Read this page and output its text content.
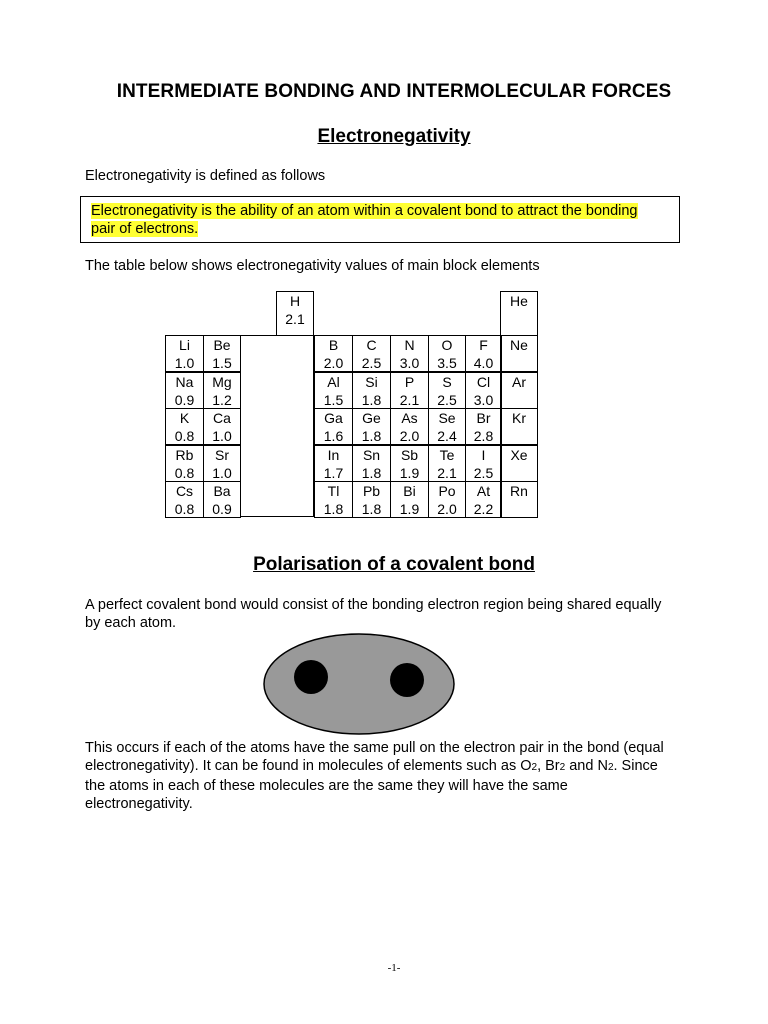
INTERMEDIATE BONDING AND INTERMOLECULAR FORCES
Electronegativity
Electronegativity is defined as follows
Electronegativity is the ability of an atom within a covalent bond to attract the bonding
pair of electrons.
The table below shows electronegativity values of main block elements
H
2.1
Li
1.0
Be
1.5
B
2.0
C
2.5
N
3.0
O
3.5
F
4.0
Na
0.9
Mg
1.2
Al
1.5
Si
1.8
P
2.1
S
2.5
Cl
3.0
K
0.8
Ca
1.0
Ga
1.6
Ge
1.8
As
2.0
Se
2.4
Br
2.8
Rb
0.8
Sr
1.0
In
1.7
Sn
1.8
Sb
1.9
Te
2.1
I
2.5
Cs
0.8
Ba
0.9
Tl
1.8
Pb
1.8
Bi
1.9
Po
2.0
At
2.2
He
Ne
Ar
Kr
Xe
Rn
Polarisation of a covalent bond
A perfect covalent bond would consist of the bonding electron region being shared equally
by each atom.
This occurs if each of the atoms have the same pull on the electron pair in the bond (equal
electronegativity). It can be found in molecules of elements such as O2, Br2 and N2. Since
the atoms in each of these molecules are the same they will have the same
electronegativity.
-1-
